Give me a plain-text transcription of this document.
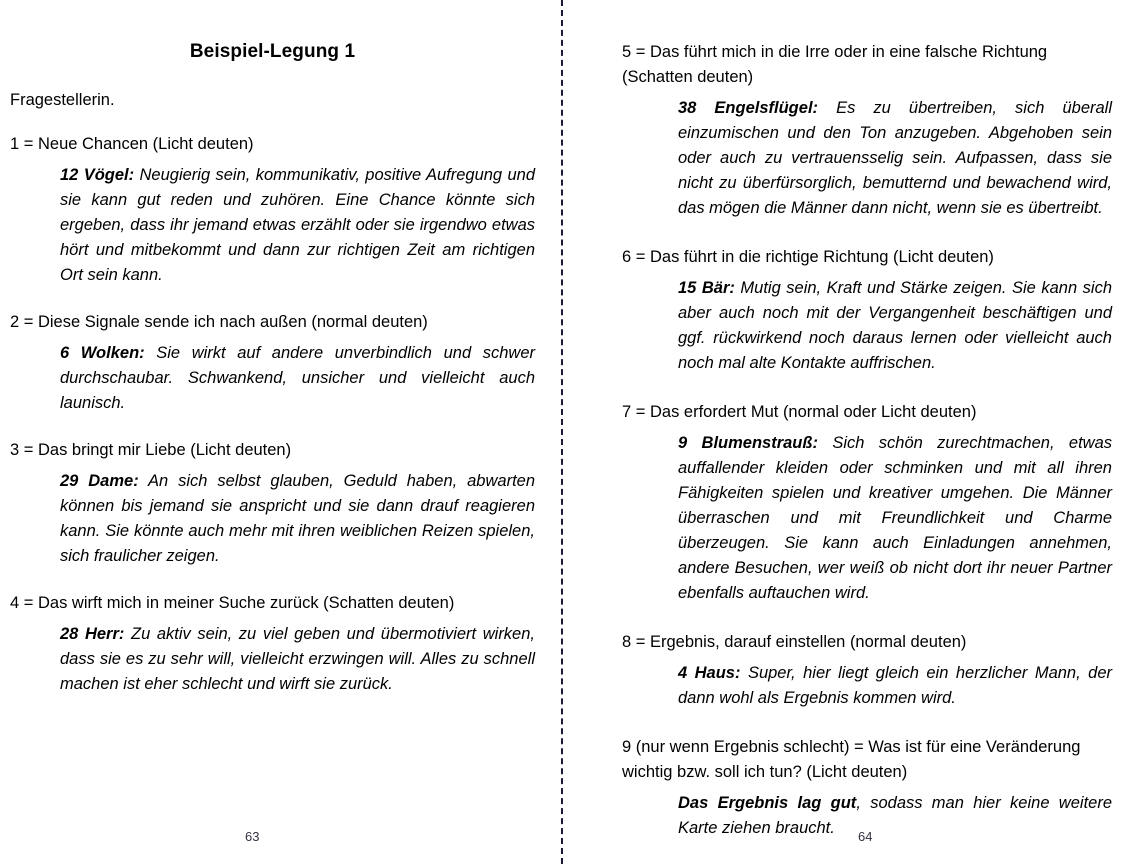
Beispiel-Legung 1

Fragestellerin.

1 = Neue Chancen (Licht deuten)

12 Vögel: Neugierig sein, kommunikativ, positive Aufregung und sie kann gut reden und zuhören. Eine Chance könnte sich ergeben, dass ihr jemand etwas erzählt oder sie irgendwo etwas hört und mitbekommt und dann zur richtigen Zeit am richtigen Ort sein kann.

2 = Diese Signale sende ich nach außen (normal deuten)

6 Wolken: Sie wirkt auf andere unverbindlich und schwer durchschaubar. Schwankend, unsicher und vielleicht auch launisch.

3 = Das bringt mir Liebe (Licht deuten)

29 Dame: An sich selbst glauben, Geduld haben, abwarten können bis jemand sie anspricht und sie dann drauf reagieren kann. Sie könnte auch mehr mit ihren weiblichen Reizen spielen, sich fraulicher zeigen.

4 = Das wirft mich in meiner Suche zurück (Schatten deuten)

28 Herr: Zu aktiv sein, zu viel geben und übermotiviert wirken, dass sie es zu sehr will, vielleicht erzwingen will. Alles zu schnell machen ist eher schlecht und wirft sie zurück.

5 = Das führt mich in die Irre oder in eine falsche Richtung (Schatten deuten)

38 Engelsflügel: Es zu übertreiben, sich überall einzumischen und den Ton anzugeben. Abgehoben sein oder auch zu vertrauensselig sein. Aufpassen, dass sie nicht zu überfürsorglich, bemutternd und bewachend wird, das mögen die Männer dann nicht, wenn sie es übertreibt.

6 = Das führt in die richtige Richtung (Licht deuten)

15 Bär: Mutig sein, Kraft und Stärke zeigen. Sie kann sich aber auch noch mit der Vergangenheit beschäftigen und ggf. rückwirkend noch daraus lernen oder vielleicht auch noch mal alte Kontakte auffrischen.

7 = Das erfordert Mut (normal oder Licht deuten)

9 Blumenstrauß: Sich schön zurechtmachen, etwas auffallender kleiden oder schminken und mit all ihren Fähigkeiten spielen und kreativer umgehen. Die Männer überraschen und mit Freundlichkeit und Charme überzeugen. Sie kann auch Einladungen annehmen, andere Besuchen, wer weiß ob nicht dort ihr neuer Partner ebenfalls auftauchen wird.

8 = Ergebnis, darauf einstellen (normal deuten)

4 Haus: Super, hier liegt gleich ein herzlicher Mann, der dann wohl als Ergebnis kommen wird.

9 (nur wenn Ergebnis schlecht) = Was ist für eine Veränderung wichtig bzw. soll ich tun? (Licht deuten)

Das Ergebnis lag gut, sodass man hier keine weitere Karte ziehen braucht.

63	64
